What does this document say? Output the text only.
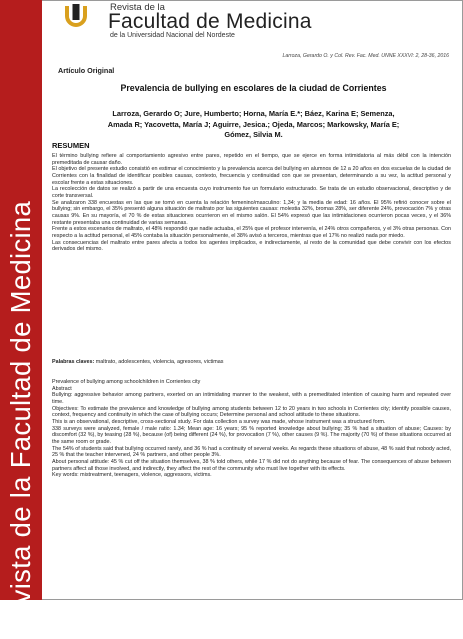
Revista de la Facultad de Medicina
Revista de la
Facultad de Medicina
de la Universidad Nacional del Nordeste
Larroza, Gerardo O. y Col. Rev. Fac. Med. UNNE XXXVI: 2, 28-36, 2016
Artículo Original
Prevalencia de bullying en escolares de la ciudad de Corrientes
Larroza, Gerardo O; Jure, Humberto; Horna, María E.*; Báez, Karina E; Semenza,
Amada R; Yacovetta, María J; Aguirre, Jesica.; Ojeda, Marcos; Markowsky, María E;
Gómez, Silvia M.
RESUMEN

El término bullying refiere al comportamiento agresivo entre pares, repetido en el tiempo, que se ejerce en forma intimidatoria al más débil con la intención premeditada de causar daño.

El objetivo del presente estudio consistió en estimar el conocimiento y la prevalencia acerca del bullying en alumnos de 12 a 20 años en dos escuelas de la ciudad de Corrientes con la finalidad de identificar posibles causas, contexto, frecuencia y continuidad con que se presentan, determinando a su vez, la actitud personal y escolar frente a estas situaciones.

La recolección de datos se realizó a partir de una encuesta cuyo instrumento fue un formulario estructurado. Se trata de un estudio observacional, descriptivo y de corte transversal.

Se analizaron 338 encuestas en las que se tomó en cuenta la relación femenino/masculino: 1,34; y la media de edad: 16 años. El 95% refirió conocer sobre el bullying; sin embargo, el 35% presentó alguna situación de maltrato por las siguientes causas: molestia 32%, bromas 28%, ser diferente 24%, provocación 7% y otras causas 9%. En su mayoría, el 70 % de estas situaciones ocurrieron en el mismo salón. El 54% expresó que las intimidaciones ocurrieron pocas veces, y el 36% restante presentaba una continuidad de varias semanas.

Frente a estos escenarios de maltrato, el 48% respondió que nadie actuaba, el 25% que el profesor intervenía, el 24% otros compañeros, y el 3% otras personas. Con respecto a la actitud personal, el 45% contaba la situación personalmente, el 38% avisó a terceros, mientras que el 17% no realizó nada por miedo.

Las consecuencias del maltrato entre pares afecta a todos los agentes implicados, e indirectamente, al resto de la comunidad que debe convivir con los efectos derivados del mismo.

Palabras claves: maltrato, adolescentes, violencia, agresores, victimas

Prevalence of bullying among schoolchildren in Corrientes city

Abstract

Bullying: aggressive behavior among partners, exerted on an intimidating manner to the weakest, with a premeditated intention of causing harm and repeated over time.

Objectives: To estimate the prevalence and knowledge of bullying among students between 12 to 20 years in two schools in Corrientes city; identify possible causes, context, frequency and continuity in which the case of bullying occurs; Determine personal and school attitude to these situations.

This is an observational, descriptive, cross-sectional study. For data collection a survey was made, whose instrument was a structured form.

338 surveys were analyzed, female / male ratio: 1.34; Mean age: 16 years; 95 % reported knowledge about bullying; 35 % had a situation of abuse; Causes: by discomfort (32 %), by teasing (28 %), because (of) being different (24 %), for provocation (7 %), other causes (9 %). The majority (70 %) of these situations occurred at the same room or grade.

The 54% of students said that bullying occurred rarely, and 36 % had a continuity of several weeks. As regards these situations of abuse, 48 % said that nobody acted, 25 % that the teacher intervened, 24 % partners, and other people 3%.

About personal attitude: 45 % cut off the situation themselves, 38 % told others, while 17 % did not do anything because of fear. The consequences of abuse between partners affect all those involved, and indirectly, they affect the rest of the community who must live together with its effects.

Key words: mistreatment, teenagers, violence, aggressors, victims.
